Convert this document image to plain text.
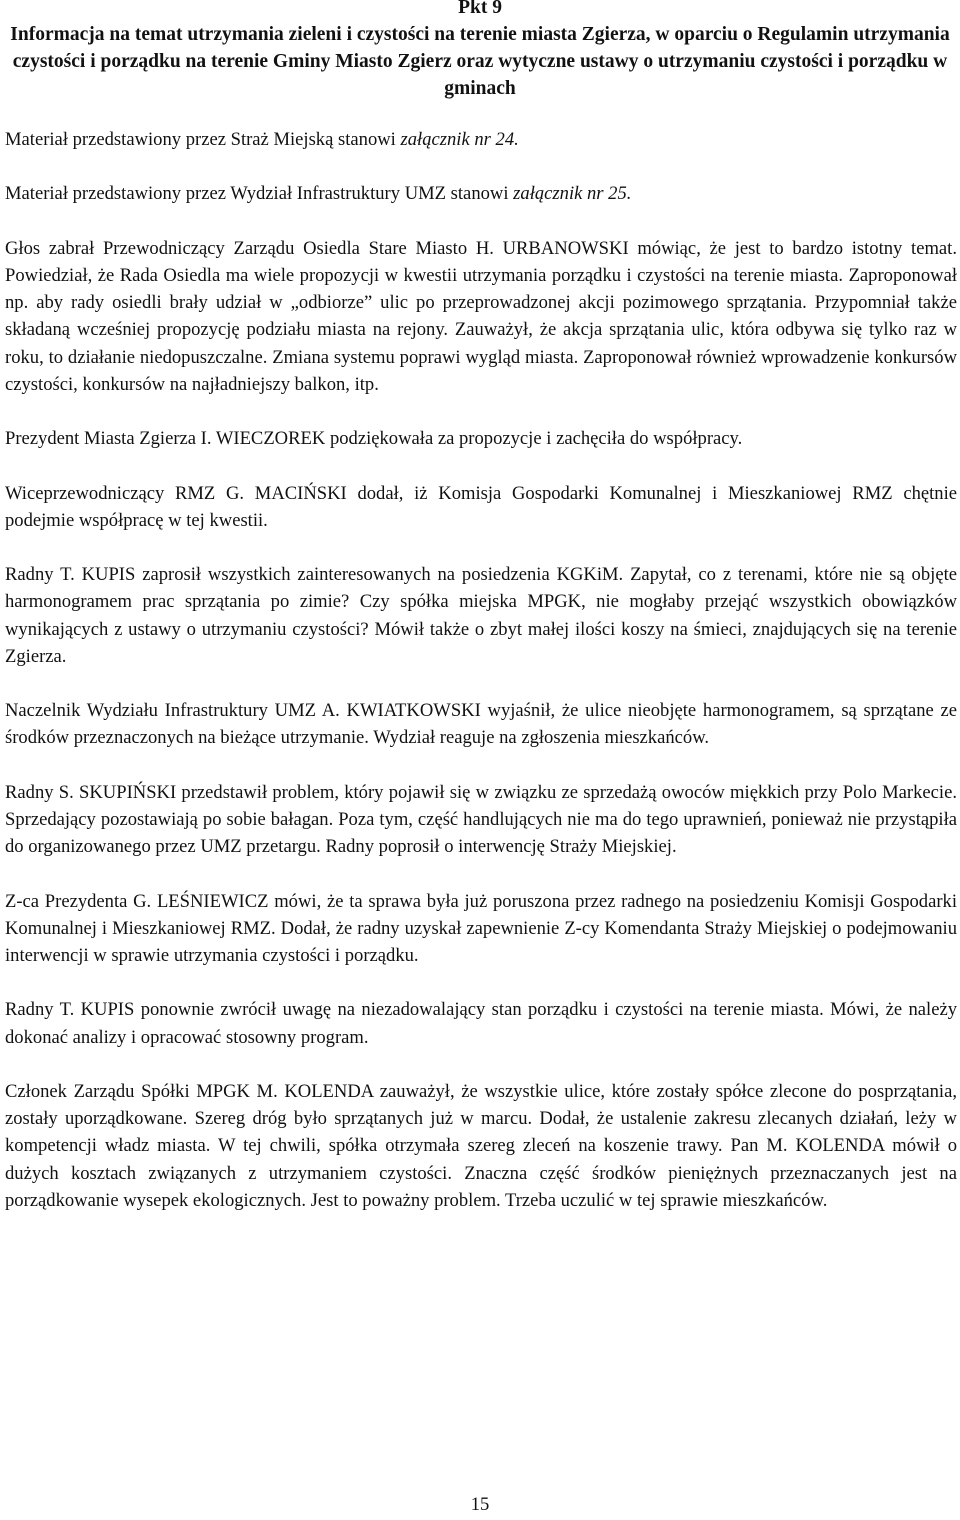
Pkt 9
Informacja na temat utrzymania zieleni i czystości na terenie miasta Zgierza, w oparciu o Regulamin utrzymania czystości i porządku na terenie Gminy Miasto Zgierz oraz wytyczne ustawy o utrzymaniu czystości i porządku w gminach

Materiał przedstawiony przez Straż Miejską stanowi załącznik nr 24.

Materiał przedstawiony przez Wydział Infrastruktury UMZ stanowi załącznik nr 25.

Głos zabrał Przewodniczący Zarządu Osiedla Stare Miasto H. URBANOWSKI mówiąc, że jest to bardzo istotny temat. Powiedział, że Rada Osiedla ma wiele propozycji w kwestii utrzymania porządku i czystości na terenie miasta. Zaproponował np. aby rady osiedli brały udział w „odbiorze” ulic po przeprowadzonej akcji pozimowego sprzątania. Przypomniał także składaną wcześniej propozycję podziału miasta na rejony. Zauważył, że akcja sprzątania ulic, która odbywa się tylko raz w roku, to działanie niedopuszczalne. Zmiana systemu poprawi wygląd miasta. Zaproponował również wprowadzenie konkursów czystości, konkursów na najładniejszy balkon, itp.

Prezydent Miasta Zgierza I. WIECZOREK podziękowała za propozycje i zachęciła do współpracy.

Wiceprzewodniczący RMZ G. MACIŃSKI dodał, iż Komisja Gospodarki Komunalnej i Mieszkaniowej RMZ chętnie podejmie współpracę w tej kwestii.

Radny T. KUPIS zaprosił wszystkich zainteresowanych na posiedzenia KGKiM. Zapytał, co z terenami, które nie są objęte harmonogramem prac sprzątania po zimie? Czy spółka miejska MPGK, nie mogłaby przejąć wszystkich obowiązków wynikających z ustawy o utrzymaniu czystości? Mówił także o zbyt małej ilości koszy na śmieci, znajdujących się na terenie Zgierza.

Naczelnik Wydziału Infrastruktury UMZ A. KWIATKOWSKI wyjaśnił, że ulice nieobjęte harmonogramem, są sprzątane ze środków przeznaczonych na bieżące utrzymanie. Wydział reaguje na zgłoszenia mieszkańców.

Radny S. SKUPIŃSKI przedstawił problem, który pojawił się w związku ze sprzedażą owoców miękkich przy Polo Markecie. Sprzedający pozostawiają po sobie bałagan. Poza tym, część handlujących nie ma do tego uprawnień, ponieważ nie przystąpiła do organizowanego przez UMZ przetargu. Radny poprosił o interwencję Straży Miejskiej.

Z-ca Prezydenta G. LEŚNIEWICZ mówi, że ta sprawa była już poruszona przez radnego na posiedzeniu Komisji Gospodarki Komunalnej i Mieszkaniowej RMZ. Dodał, że radny uzyskał zapewnienie Z-cy Komendanta Straży Miejskiej o podejmowaniu interwencji w sprawie utrzymania czystości i porządku.

Radny T. KUPIS ponownie zwrócił uwagę na niezadowalający stan porządku i czystości na terenie miasta. Mówi, że należy dokonać analizy i opracować stosowny program.

Członek Zarządu Spółki MPGK M. KOLENDA zauważył, że wszystkie ulice, które zostały spółce zlecone do posprzątania, zostały uporządkowane. Szereg dróg było sprzątanych już w marcu. Dodał, że ustalenie zakresu zlecanych działań, leży w kompetencji władz miasta. W tej chwili, spółka otrzymała szereg zleceń na koszenie trawy. Pan M. KOLENDA mówił o dużych kosztach związanych z utrzymaniem czystości. Znaczna część środków pieniężnych przeznaczanych jest na porządkowanie wysepek ekologicznych. Jest to poważny problem. Trzeba uczulić w tej sprawie mieszkańców.

15
